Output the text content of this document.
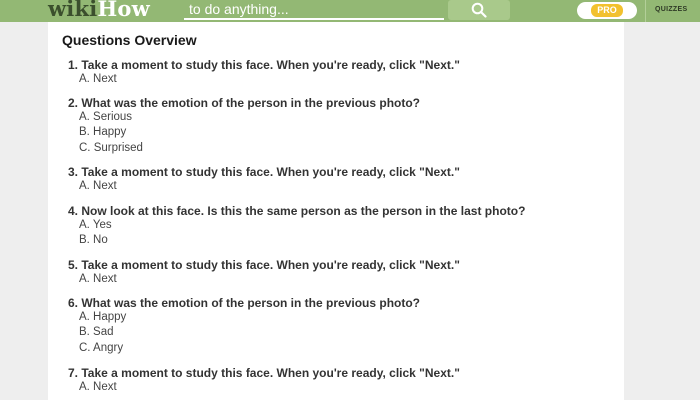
wikiHow
to do anything...	PRO	QUIZZES
Questions Overview
1. Take a moment to study this face. When you're ready, click "Next."
A. Next
2. What was the emotion of the person in the previous photo?
A. Serious
B. Happy
C. Surprised
3. Take a moment to study this face. When you're ready, click "Next."
A. Next
4. Now look at this face. Is this the same person as the person in the last photo?
A. Yes
B. No
5. Take a moment to study this face. When you're ready, click "Next."
A. Next
6. What was the emotion of the person in the previous photo?
A. Happy
B. Sad
C. Angry
7. Take a moment to study this face. When you're ready, click "Next."
A. Next
